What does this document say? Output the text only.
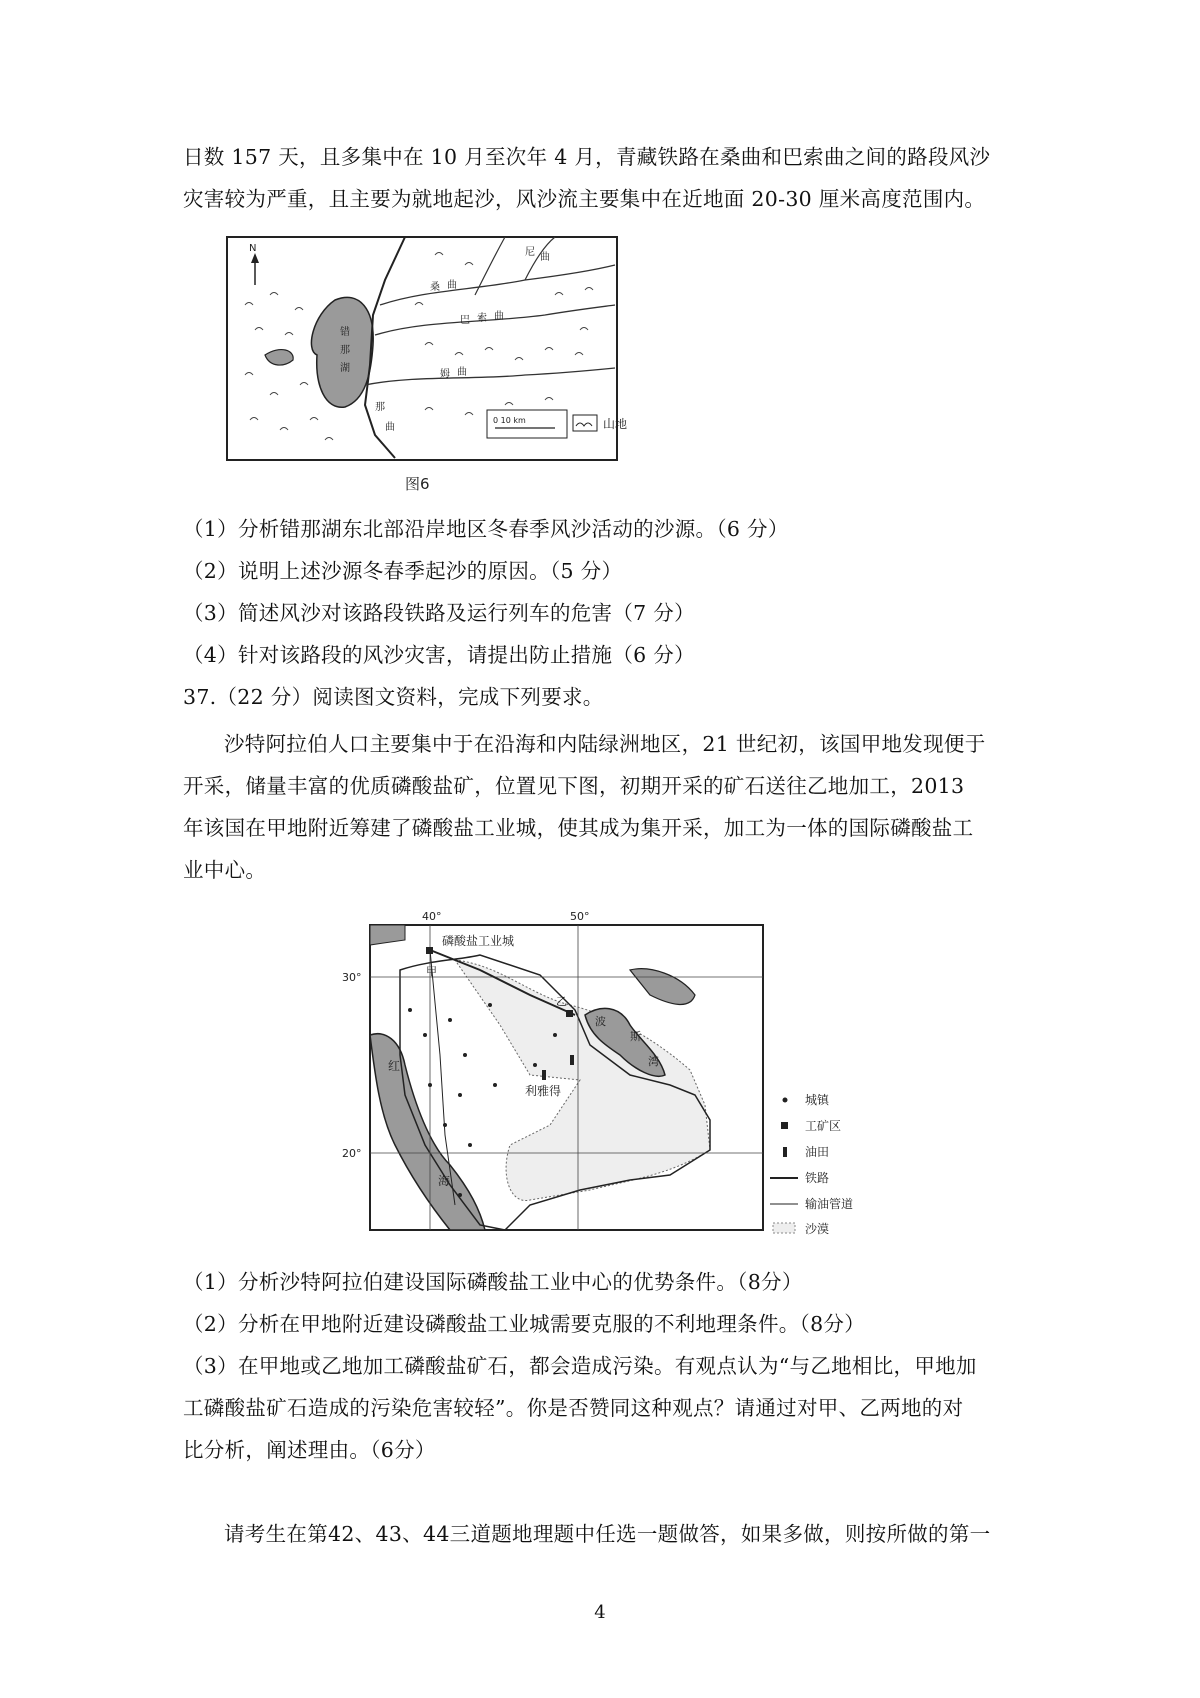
日数 157 天，且多集中在 10 月至次年 4 月，青藏铁路在桑曲和巴索曲之间的路段风沙
灾害较为严重，且主要为就地起沙，风沙流主要集中在近地面 20-30 厘米高度范围内。
N
错
那
湖
桑 曲
巴 索 曲
姆 曲
那
曲
尼 曲
0 10 km	山地
图6
（1）分析错那湖东北部沿岸地区冬春季风沙活动的沙源。（6 分）
（2）说明上述沙源冬春季起沙的原因。（5 分）
（3）简述风沙对该路段铁路及运行列车的危害（7 分）
（4）针对该路段的风沙灾害，请提出防止措施（6 分）
37.（22 分）阅读图文资料，完成下列要求。
沙特阿拉伯人口主要集中于在沿海和内陆绿洲地区，21 世纪初，该国甲地发现便于
开采，储量丰富的优质磷酸盐矿，位置见下图，初期开采的矿石送往乙地加工，2013
年该国在甲地附近筹建了磷酸盐工业城，使其成为集开采，加工为一体的国际磷酸盐工
业中心。
40°	50°
30°
20°
磷酸盐工业城
甲
乙
利雅得
红
海
波
斯
湾
城镇
工矿区
油田
铁路
输油管道
沙漠
（1）分析沙特阿拉伯建设国际磷酸盐工业中心的优势条件。（8分）
（2）分析在甲地附近建设磷酸盐工业城需要克服的不利地理条件。（8分）
（3）在甲地或乙地加工磷酸盐矿石，都会造成污染。有观点认为“与乙地相比，甲地加
工磷酸盐矿石造成的污染危害较轻”。你是否赞同这种观点？请通过对甲、乙两地的对
比分析，阐述理由。（6分）
请考生在第42、43、44三道题地理题中任选一题做答，如果多做，则按所做的第一
4
